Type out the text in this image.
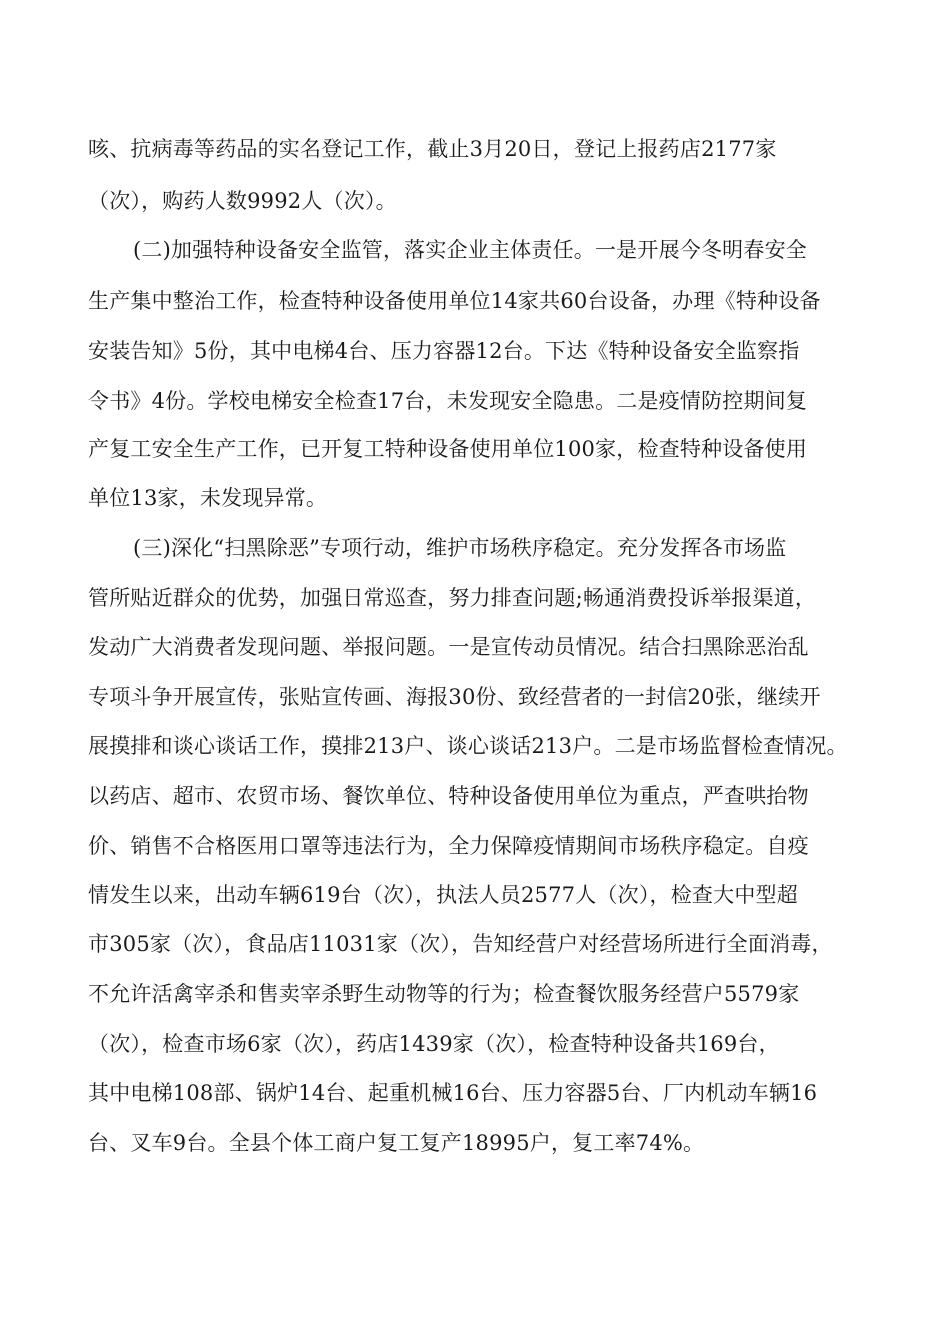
咳、抗病毒等药品的实名登记工作，截止3月20日，登记上报药店2177家
（次），购药人数9992人（次）。
(二)加强特种设备安全监管，落实企业主体责任。一是开展今冬明春安全
生产集中整治工作，检查特种设备使用单位14家共60台设备，办理《特种设备
安装告知》5份，其中电梯4台、压力容器12台。下达《特种设备安全监察指
令书》4份。学校电梯安全检查17台，未发现安全隐患。二是疫情防控期间复
产复工安全生产工作，已开复工特种设备使用单位100家，检查特种设备使用
单位13家，未发现异常。
(三)深化“扫黑除恶”专项行动，维护市场秩序稳定。充分发挥各市场监
管所贴近群众的优势，加强日常巡查，努力排查问题;畅通消费投诉举报渠道，
发动广大消费者发现问题、举报问题。一是宣传动员情况。结合扫黑除恶治乱
专项斗争开展宣传，张贴宣传画、海报30份、致经营者的一封信20张，继续开
展摸排和谈心谈话工作，摸排213户、谈心谈话213户。二是市场监督检查情况。
以药店、超市、农贸市场、餐饮单位、特种设备使用单位为重点，严查哄抬物
价、销售不合格医用口罩等违法行为，全力保障疫情期间市场秩序稳定。自疫
情发生以来，出动车辆619台（次），执法人员2577人（次），检查大中型超
市305家（次），食品店11031家（次），告知经营户对经营场所进行全面消毒，
不允许活禽宰杀和售卖宰杀野生动物等的行为；检查餐饮服务经营户5579家
（次），检查市场6家（次），药店1439家（次），检查特种设备共169台，
其中电梯108部、锅炉14台、起重机械16台、压力容器5台、厂内机动车辆16
台、叉车9台。全县个体工商户复工复产18995户，复工率74%。
